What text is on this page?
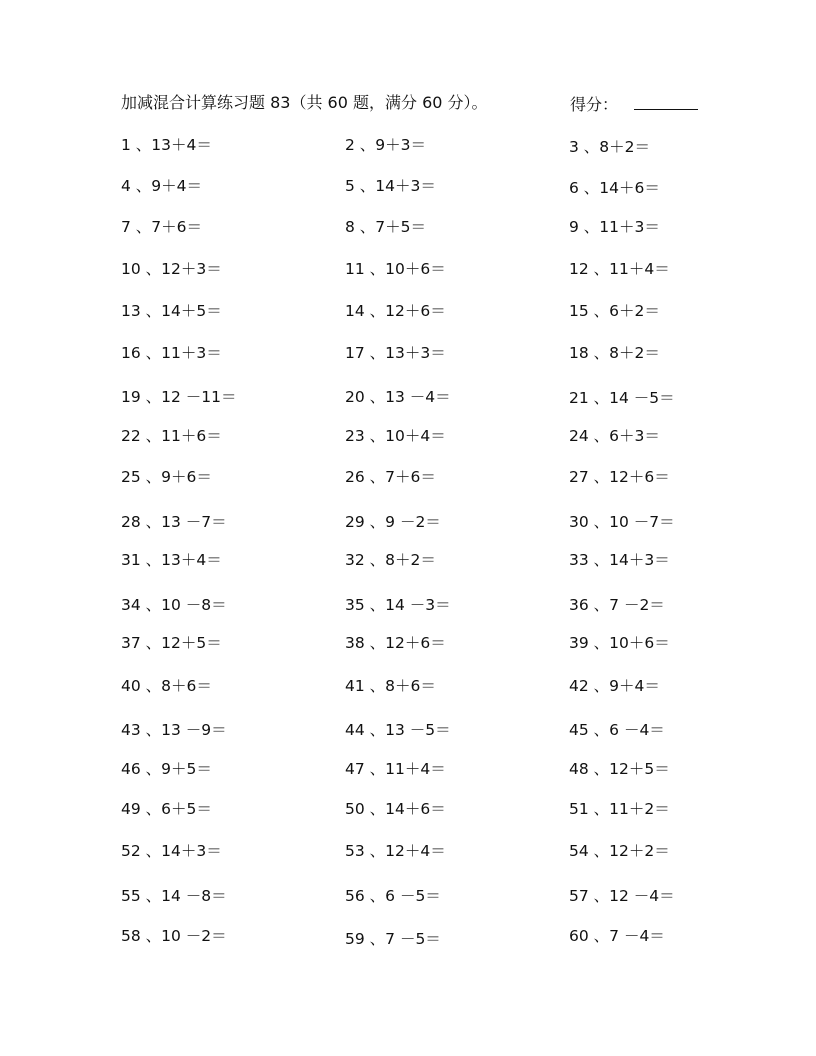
加减混合计算练习题 83（共 60 题，满分 60 分）。	得分：
1 、13＋4＝	2 、9＋3＝	3 、8＋2＝
4 、9＋4＝	5 、14＋3＝	6 、14＋6＝
7 、7＋6＝	8 、7＋5＝	9 、11＋3＝
10 、12＋3＝	11 、10＋6＝	12 、11＋4＝
13 、14＋5＝	14 、12＋6＝	15 、6＋2＝
16 、11＋3＝	17 、13＋3＝	18 、8＋2＝
19 、12 －11＝	20 、13 －4＝	21 、14 －5＝
22 、11＋6＝	23 、10＋4＝	24 、6＋3＝
25 、9＋6＝	26 、7＋6＝	27 、12＋6＝
28 、13 －7＝	29 、9 －2＝	30 、10 －7＝
31 、13＋4＝	32 、8＋2＝	33 、14＋3＝
34 、10 －8＝	35 、14 －3＝	36 、7 －2＝
37 、12＋5＝	38 、12＋6＝	39 、10＋6＝
40 、8＋6＝	41 、8＋6＝	42 、9＋4＝
43 、13 －9＝	44 、13 －5＝	45 、6 －4＝
46 、9＋5＝	47 、11＋4＝	48 、12＋5＝
49 、6＋5＝	50 、14＋6＝	51 、11＋2＝
52 、14＋3＝	53 、12＋4＝	54 、12＋2＝
55 、14 －8＝	56 、6 －5＝	57 、12 －4＝
58 、10 －2＝	59 、7 －5＝	60 、7 －4＝
